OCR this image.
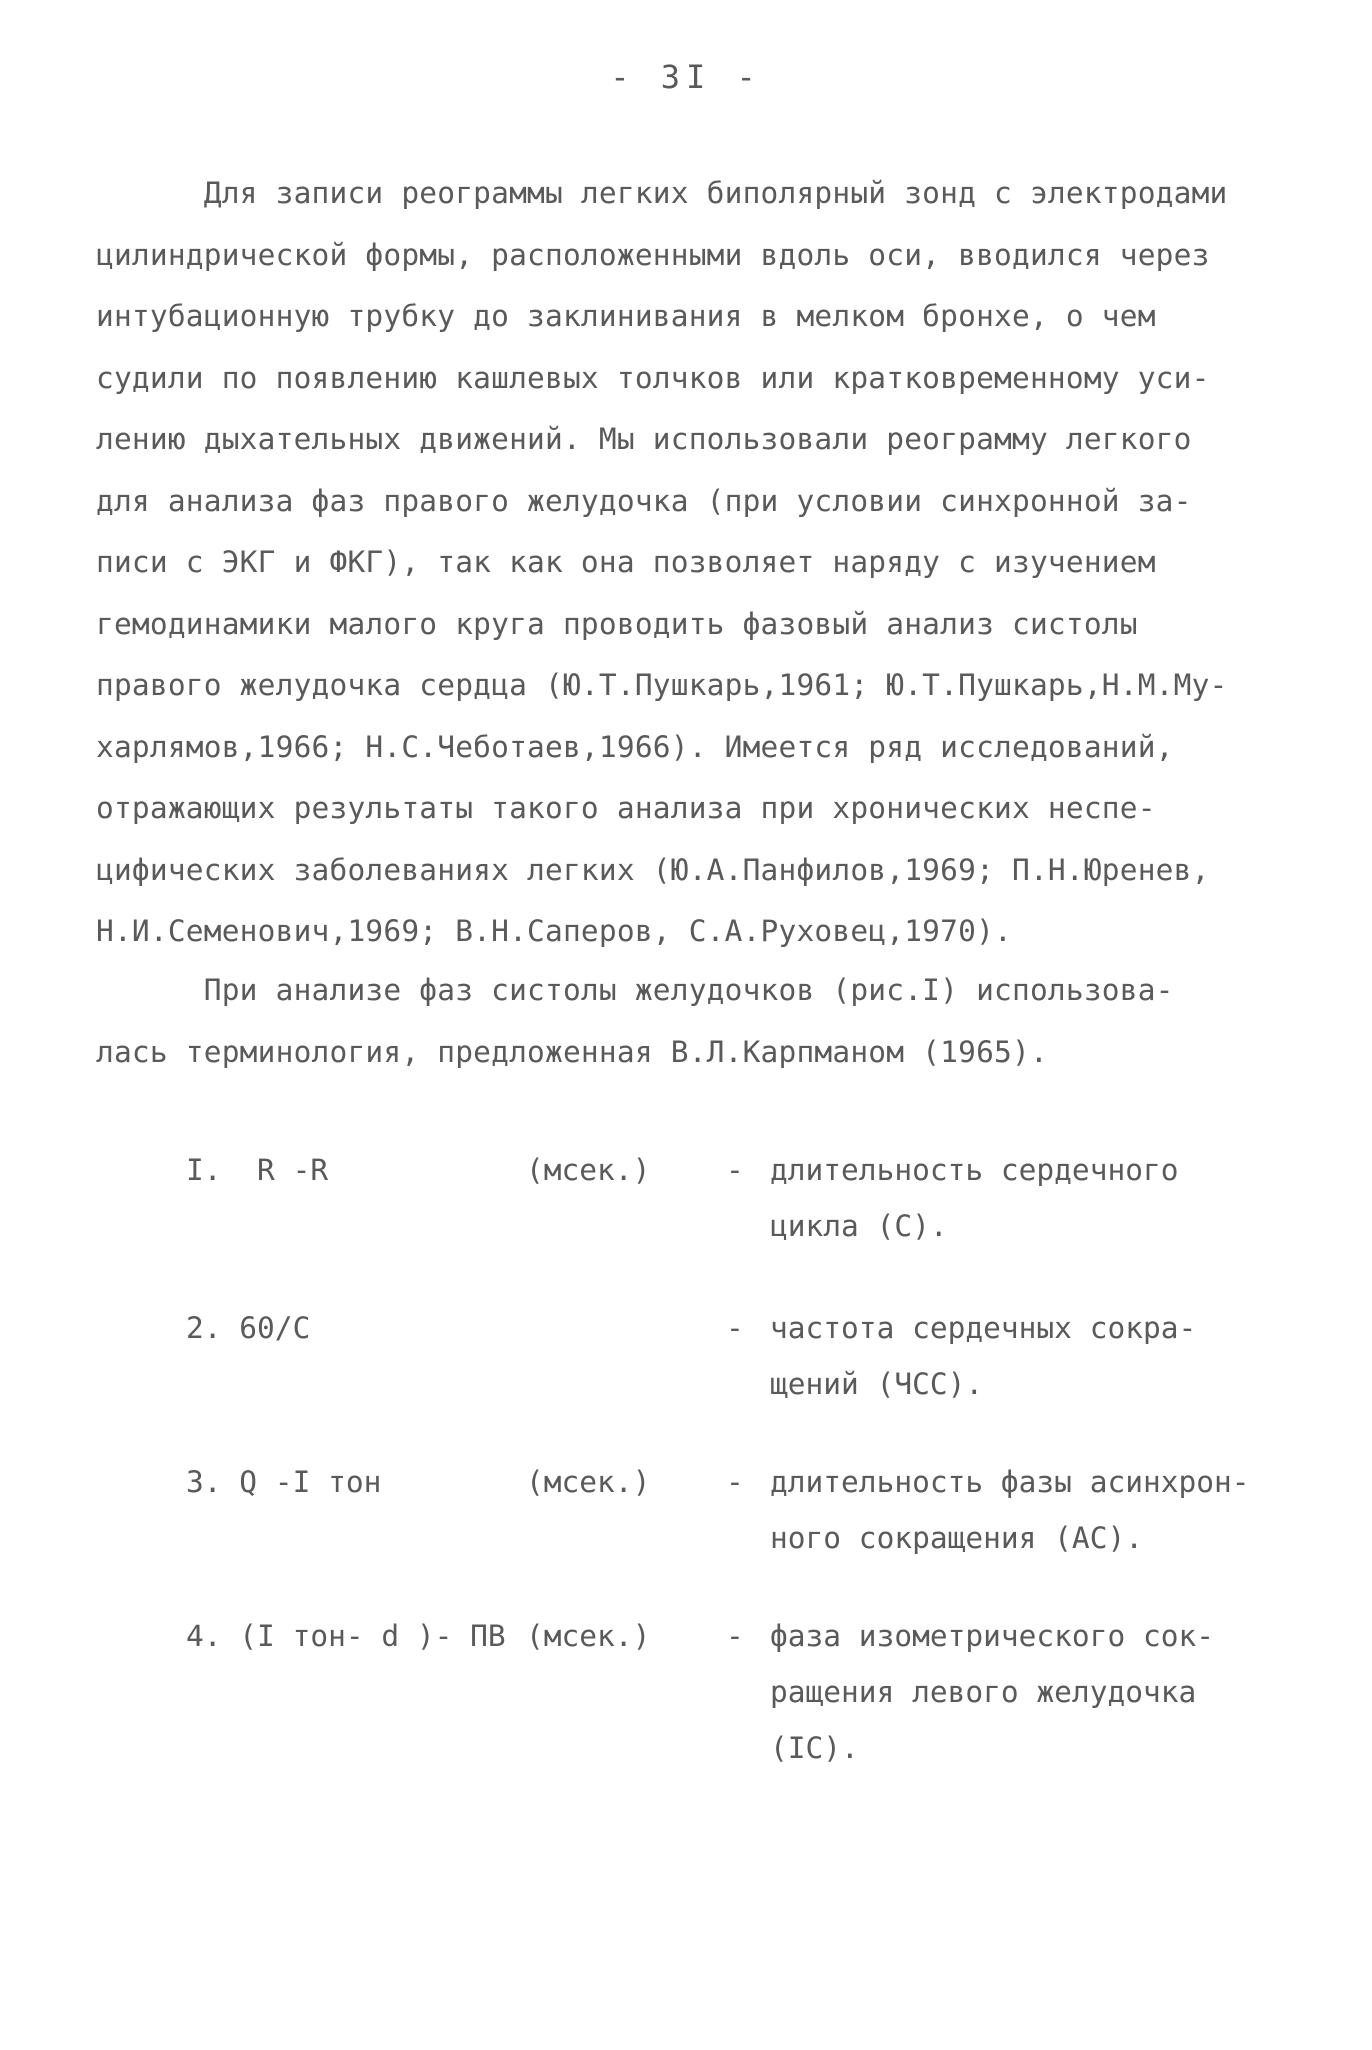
- 3I -
Для записи реограммы легких биполярный зонд с электродами
цилиндрической формы, расположенными вдоль оси, вводился через
интубационную трубку до заклинивания в мелком бронхе, о чем
судили по появлению кашлевых толчков или кратковременному уси-
лению дыхательных движений. Мы использовали реограмму легкого
для анализа фаз правого желудочка (при условии синхронной за-
писи с ЭКГ и ФКГ), так как она позволяет наряду с изучением
гемодинамики малого круга проводить фазовый анализ систолы
правого желудочка сердца (Ю.Т.Пушкарь,1961; Ю.Т.Пушкарь,Н.М.Му-
харлямов,1966; Н.С.Чеботаев,1966). Имеется ряд исследований,
отражающих результаты такого анализа при хронических неспе-
цифических заболеваниях легких (Ю.А.Панфилов,1969; П.Н.Юренев,
Н.И.Семенович,1969; В.Н.Саперов, С.А.Руховец,1970).
При анализе фаз систолы желудочков (рис.I) использова-
лась терминология, предложенная В.Л.Карпманом (1965).
I.  R -R	(мсек.)	- длительность сердечного
цикла (С).
2. 60/С	- частота сердечных сокра-
щений (ЧСС).
3. Q -I тон	(мсек.)	- длительность фазы асинхрон-
ного сокращения (АС).
4. (I тон- d )- ПВ (мсек.)	- фаза изометрического сок-
ращения левого желудочка
(IС).
